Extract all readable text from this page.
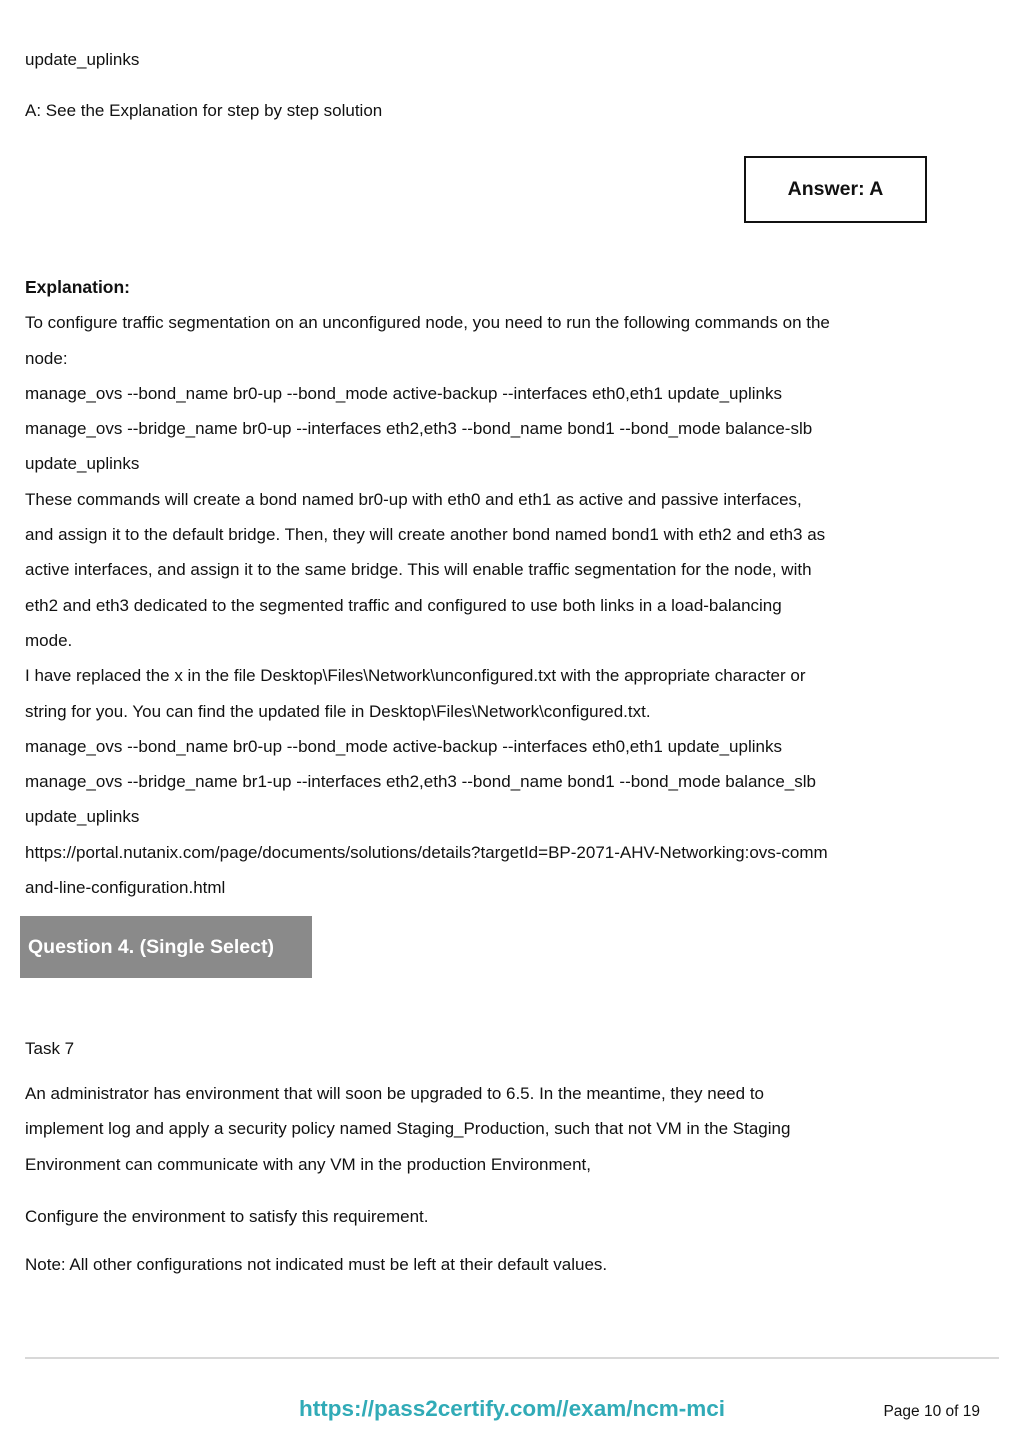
update_uplinks
A: See the Explanation for step by step solution
Answer: A
Explanation:
To configure traffic segmentation on an unconfigured node, you need to run the following commands on the
node:
manage_ovs --bond_name br0-up --bond_mode active-backup --interfaces eth0,eth1 update_uplinks
manage_ovs --bridge_name br0-up --interfaces eth2,eth3 --bond_name bond1 --bond_mode balance-slb
update_uplinks
These commands will create a bond named br0-up with eth0 and eth1 as active and passive interfaces,
and assign it to the default bridge. Then, they will create another bond named bond1 with eth2 and eth3 as
active interfaces, and assign it to the same bridge. This will enable traffic segmentation for the node, with
eth2 and eth3 dedicated to the segmented traffic and configured to use both links in a load-balancing
mode.
I have replaced the x in the file Desktop\Files\Network\unconfigured.txt with the appropriate character or
string for you. You can find the updated file in Desktop\Files\Network\configured.txt.
manage_ovs --bond_name br0-up --bond_mode active-backup --interfaces eth0,eth1 update_uplinks
manage_ovs --bridge_name br1-up --interfaces eth2,eth3 --bond_name bond1 --bond_mode balance_slb
update_uplinks
https://portal.nutanix.com/page/documents/solutions/details?targetId=BP-2071-AHV-Networking:ovs-comm
and-line-configuration.html
Question 4. (Single Select)
Task 7
An administrator has environment that will soon be upgraded to 6.5. In the meantime, they need to
implement log and apply a security policy named Staging_Production, such that not VM in the Staging
Environment can communicate with any VM in the production Environment,
Configure the environment to satisfy this requirement.
Note: All other configurations not indicated must be left at their default values.
https://pass2certify.com//exam/ncm-mci	Page 10 of 19
